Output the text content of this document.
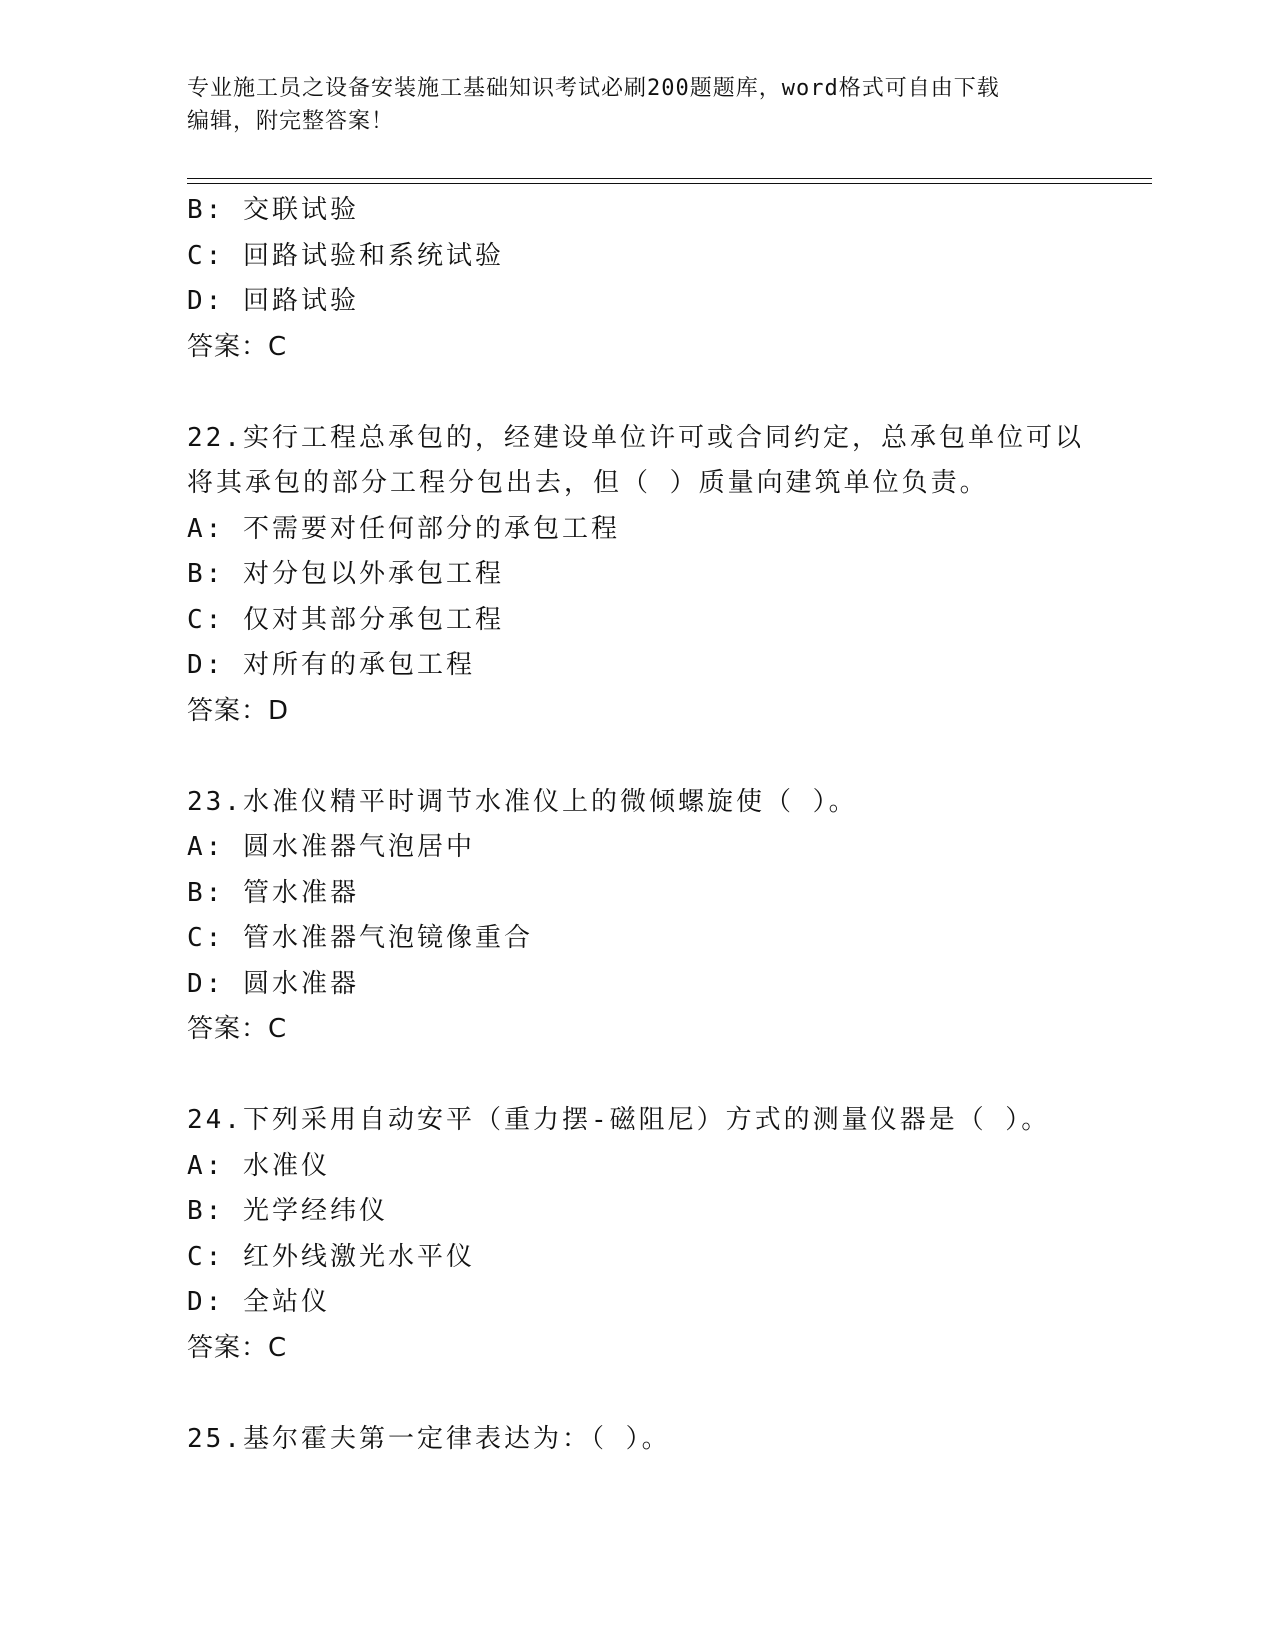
专业施工员之设备安装施工基础知识考试必刷200题题库，word格式可自由下载
编辑，附完整答案！
B: 交联试验
C: 回路试验和系统试验
D: 回路试验
答案：C
22.实行工程总承包的，经建设单位许可或合同约定，总承包单位可以
将其承包的部分工程分包出去，但（ ）质量向建筑单位负责。
A: 不需要对任何部分的承包工程
B: 对分包以外承包工程
C: 仅对其部分承包工程
D: 对所有的承包工程
答案：D
23.水准仪精平时调节水准仪上的微倾螺旋使（ ）。
A: 圆水准器气泡居中
B: 管水准器
C: 管水准器气泡镜像重合
D: 圆水准器
答案：C
24.下列采用自动安平（重力摆-磁阻尼）方式的测量仪器是（ ）。
A: 水准仪
B: 光学经纬仪
C: 红外线激光水平仪
D: 全站仪
答案：C
25.基尔霍夫第一定律表达为：（ ）。
